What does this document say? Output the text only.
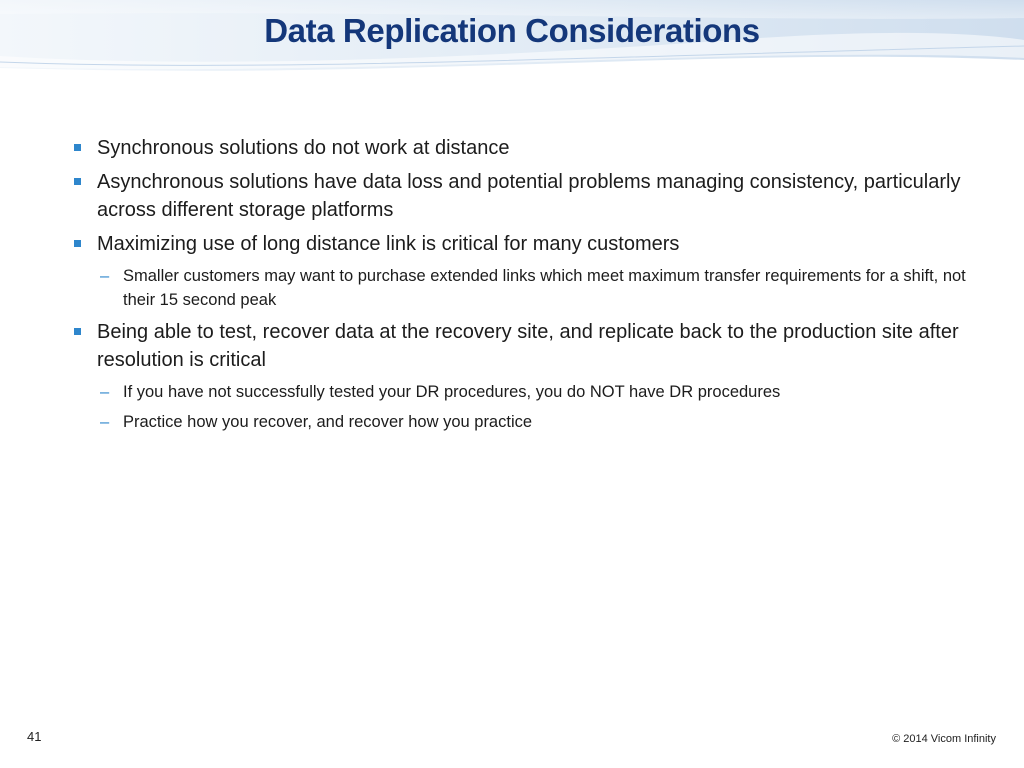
Data Replication Considerations
Synchronous solutions do not work at distance
Asynchronous solutions have data loss and potential problems managing consistency, particularly across different storage platforms
Maximizing use of long distance link is critical for many customers
– Smaller customers may want to purchase extended links which meet maximum transfer requirements for a shift, not their 15 second peak
Being able to test, recover data at the recovery site, and replicate back to the production site after resolution is critical
– If you have not successfully tested your DR procedures, you do NOT have DR procedures
– Practice how you recover, and recover how you practice
41	© 2014 Vicom Infinity
